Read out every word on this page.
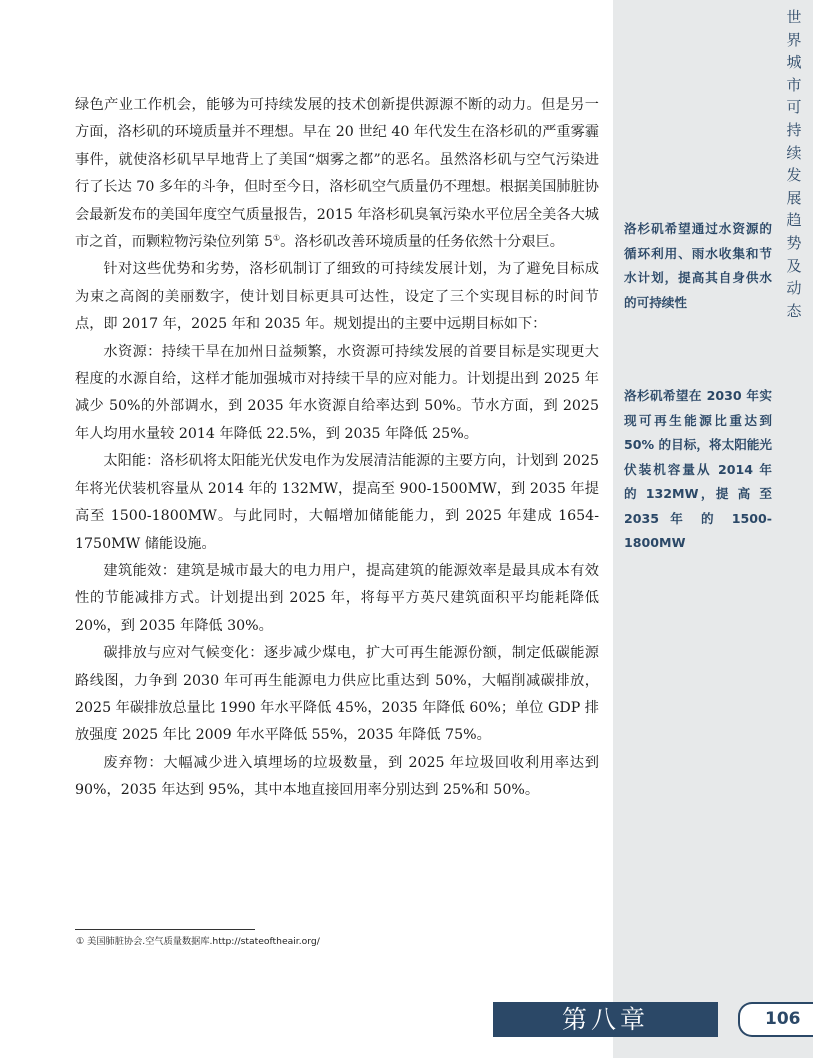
世界城市可持续发展趋势及动态
洛杉矶希望通过水资源的循环利用、雨水收集和节水计划，提高其自身供水的可持续性
洛杉矶希望在 2030 年实现可再生能源比重达到 50% 的目标，将太阳能光伏装机容量从 2014 年 的 132MW，提 高 至 2035 年 的 1500-1800MW

绿色产业工作机会，能够为可持续发展的技术创新提供源源不断的动力。但是另一方面，洛杉矶的环境质量并不理想。早在 20 世纪 40 年代发生在洛杉矶的严重雾霾事件，就使洛杉矶早早地背上了美国“烟雾之都”的恶名。虽然洛杉矶与空气污染进行了长达 70 多年的斗争，但时至今日，洛杉矶空气质量仍不理想。根据美国肺脏协会最新发布的美国年度空气质量报告，2015 年洛杉矶臭氧污染水平位居全美各大城市之首，而颗粒物污染位列第 5①。洛杉矶改善环境质量的任务依然十分艰巨。

针对这些优势和劣势，洛杉矶制订了细致的可持续发展计划，为了避免目标成为束之高阁的美丽数字，使计划目标更具可达性，设定了三个实现目标的时间节点，即 2017 年，2025 年和 2035 年。规划提出的主要中远期目标如下：

水资源：持续干旱在加州日益频繁，水资源可持续发展的首要目标是实现更大程度的水源自给，这样才能加强城市对持续干旱的应对能力。计划提出到 2025 年减少 50%的外部调水，到 2035 年水资源自给率达到 50%。节水方面，到 2025 年人均用水量较 2014 年降低 22.5%，到 2035 年降低 25%。

太阳能：洛杉矶将太阳能光伏发电作为发展清洁能源的主要方向，计划到 2025 年将光伏装机容量从 2014 年的 132MW，提高至 900-1500MW，到 2035 年提高至 1500-1800MW。与此同时，大幅增加储能能力，到 2025 年建成 1654-1750MW 储能设施。

建筑能效：建筑是城市最大的电力用户，提高建筑的能源效率是最具成本有效性的节能减排方式。计划提出到 2025 年，将每平方英尺建筑面积平均能耗降低 20%，到 2035 年降低 30%。

碳排放与应对气候变化：逐步减少煤电，扩大可再生能源份额，制定低碳能源路线图，力争到 2030 年可再生能源电力供应比重达到 50%，大幅削减碳排放，2025 年碳排放总量比 1990 年水平降低 45%，2035 年降低 60%；单位 GDP 排放强度 2025 年比 2009 年水平降低 55%，2035 年降低 75%。

废弃物：大幅减少进入填埋场的垃圾数量，到 2025 年垃圾回收利用率达到 90%，2035 年达到 95%，其中本地直接回用率分别达到 25%和 50%。

① 美国肺脏协会.空气质量数据库.http://stateoftheair.org/
第八章	106
